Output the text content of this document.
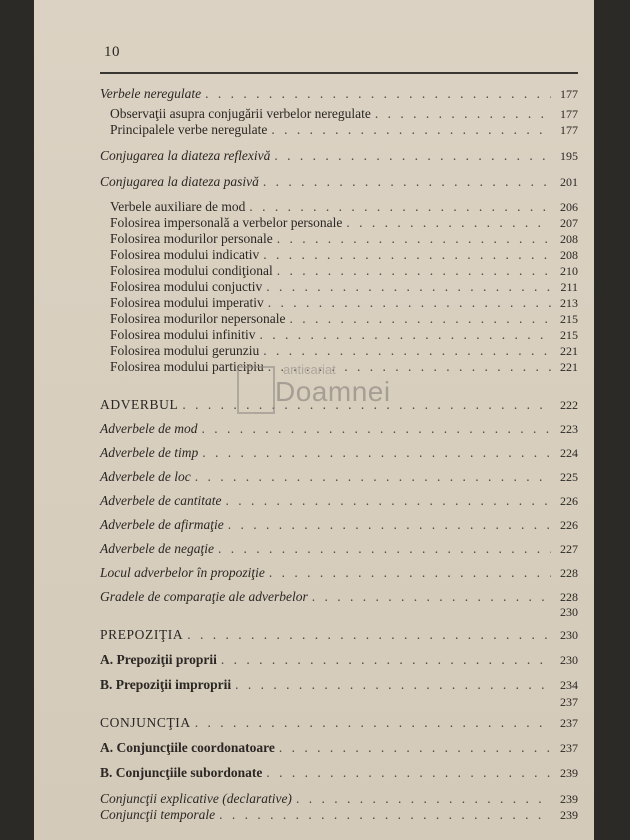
10
Verbele neregulate . . .	177
Observaţii asupra conjugării verbelor neregulate . . .	177
Principalele verbe neregulate . . .	177
Conjugarea la diateza reflexivă . . .	195
Conjugarea la diateza pasivă . . .	201
Verbele auxiliare de mod . . .	206
Folosirea impersonală a verbelor personale . . .	207
Folosirea modurilor personale . . .	208
Folosirea modului indicativ . . .	208
Folosirea modului condiţional . . .	210
Folosirea modului conjuctiv . . .	211
Folosirea modului imperativ . . .	213
Folosirea modurilor nepersonale . . .	215
Folosirea modului infinitiv . . .	215
Folosirea modului gerunziu . . .	221
Folosirea modului participiu . . .	221
ADVERBUL . . .	222
Adverbele de mod . . .	223
Adverbele de timp . . .	224
Adverbele de loc . . .	225
Adverbele de cantitate . . .	226
Adverbele de afirmaţie . . .	226
Adverbele de negaţie . . .	227
Locul adverbelor în propoziţie . . .	228
Gradele de comparaţie ale adverbelor . . .	228
230
PREPOZIŢIA . . .	230
A. Prepoziţii proprii . . .	230
B. Prepoziţii improprii . . .	234
237
CONJUNCŢIA . . .	237
A. Conjuncţiile coordonatoare . . .	237
B. Conjuncţiile subordonate . . .	239
Conjuncţii explicative (declarative) . . .	239
Conjuncţii temporale . . .	239
anticariat
Doamnei
